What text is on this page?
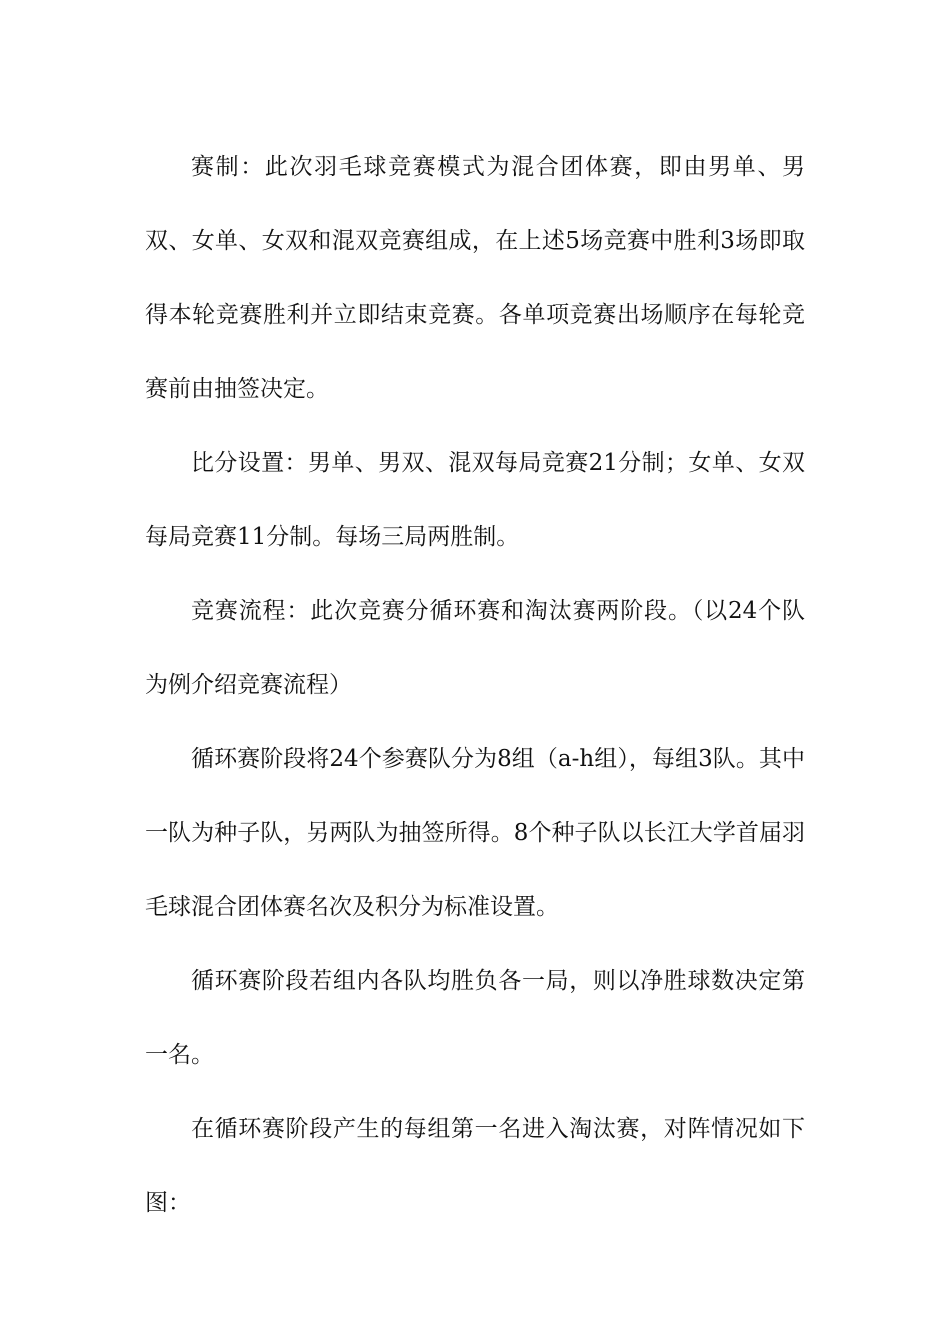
赛制：此次羽毛球竞赛模式为混合团体赛，即由男单、男双、女单、女双和混双竞赛组成，在上述5场竞赛中胜利3场即取得本轮竞赛胜利并立即结束竞赛。各单项竞赛出场顺序在每轮竞赛前由抽签决定。

比分设置：男单、男双、混双每局竞赛21分制；女单、女双每局竞赛11分制。每场三局两胜制。

竞赛流程：此次竞赛分循环赛和淘汰赛两阶段。（以24个队为例介绍竞赛流程）

循环赛阶段将24个参赛队分为8组（a-h组），每组3队。其中一队为种子队，另两队为抽签所得。8个种子队以长江大学首届羽毛球混合团体赛名次及积分为标准设置。

循环赛阶段若组内各队均胜负各一局，则以净胜球数决定第一名。

在循环赛阶段产生的每组第一名进入淘汰赛，对阵情况如下图：
